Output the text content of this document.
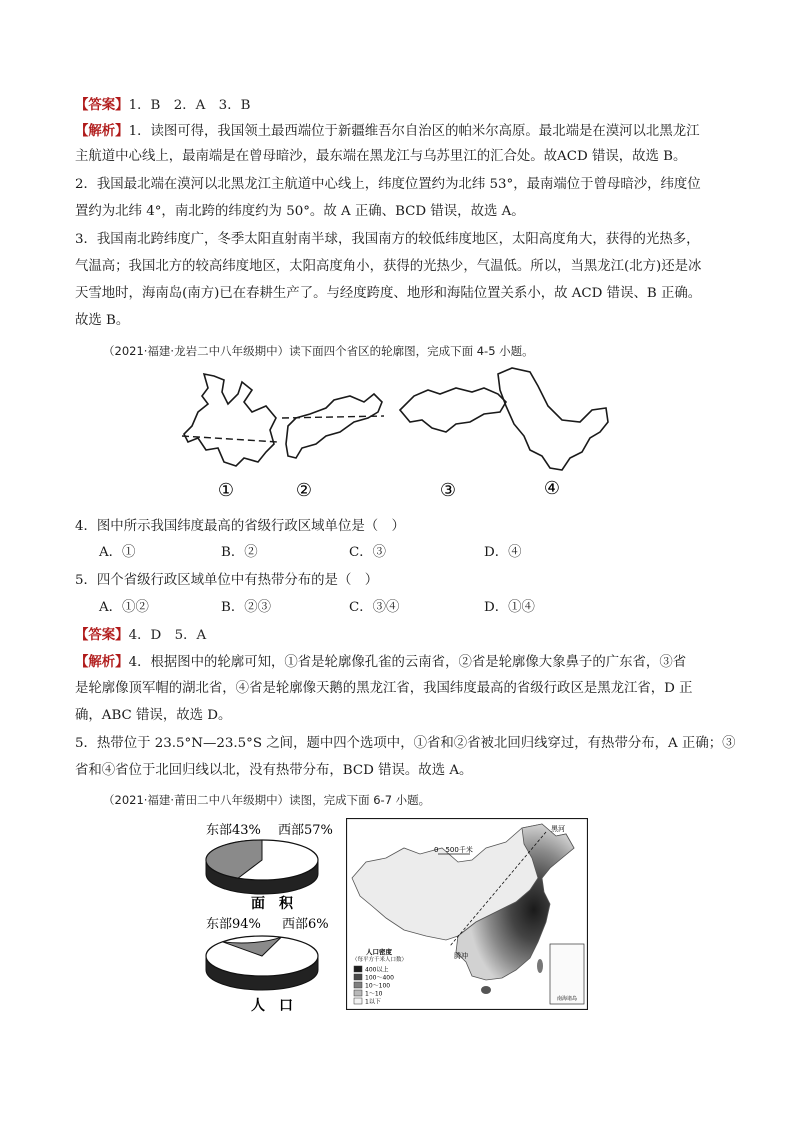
【答案】1．B　2．A　3．B
【解析】1．读图可得，我国领土最西端位于新疆维吾尔自治区的帕米尔高原。最北端是在漠河以北黑龙江
主航道中心线上，最南端是在曾母暗沙，最东端在黑龙江与乌苏里江的汇合处。故ACD 错误，故选 B。
2．我国最北端在漠河以北黑龙江主航道中心线上，纬度位置约为北纬 53°，最南端位于曾母暗沙，纬度位
置约为北纬 4°，南北跨的纬度约为 50°。故 A 正确、BCD 错误，故选 A。
3．我国南北跨纬度广，冬季太阳直射南半球，我国南方的较低纬度地区，太阳高度角大，获得的光热多，
气温高；我国北方的较高纬度地区，太阳高度角小，获得的光热少，气温低。所以，当黑龙江(北方)还是冰
天雪地时，海南岛(南方)已在春耕生产了。与经度跨度、地形和海陆位置关系小，故 ACD 错误、B 正确。
故选 B。
（2021·福建·龙岩二中八年级期中）读下面四个省区的轮廓图，完成下面 4-5 小题。
①	②	③	④
4．图中所示我国纬度最高的省级行政区域单位是（　）
A．①	B．②	C．③	D．④
5．四个省级行政区域单位中有热带分布的是（　）
A．①②	B．②③	C．③④	D．①④
【答案】4．D　5．A
【解析】4．根据图中的轮廓可知，①省是轮廓像孔雀的云南省，②省是轮廓像大象鼻子的广东省，③省
是轮廓像顶军帽的湖北省，④省是轮廓像天鹅的黑龙江省，我国纬度最高的省级行政区是黑龙江省，D 正
确，ABC 错误，故选 D。
5．热带位于 23.5°N—23.5°S 之间，题中四个选项中，①省和②省被北回归线穿过，有热带分布，A 正确；③
省和④省位于北回归线以北，没有热带分布，BCD 错误。故选 A。
（2021·福建·莆田二中八年级期中）读图，完成下面 6-7 小题。
东部43% 西部57%
面　积
东部94% 西部6%
人　口
黑河
腾冲
0　500千米
南海诸岛
人口密度
（每平方千米人口数）
400以上
100～400
10～100
1～10
1以下
